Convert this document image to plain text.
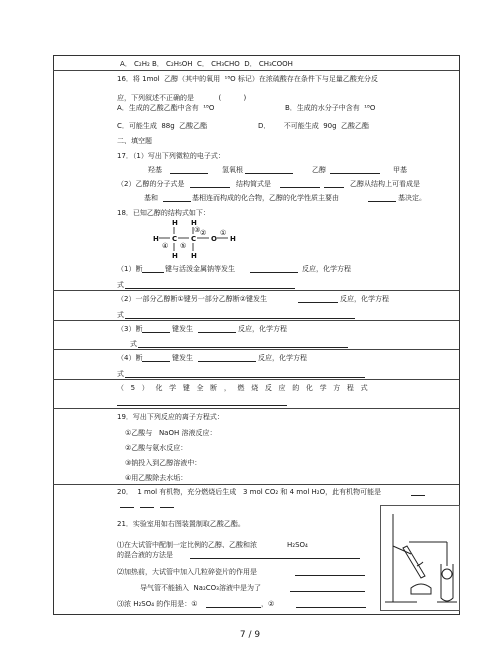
A． C₂H₂ B． C₂H₅OH  C． CH₃CHO  D． CH₃COOH
16．将 1mol  乙醇（其中的氧用  ¹⁸O 标记）在浓硫酸存在条件下与足量乙酸充分反
应，下列叙述不正确的是           (          )
A．生成的乙酸乙酯中含有  ¹⁸O	B．生成的水分子中含有  ¹⁸O
C．可能生成  88g  乙酸乙酯	D．      不可能生成  90g  乙酸乙酯
二、填空题
17．（1）写出下列微粒的电子式：
羟基	氢氧根	乙醇	甲基
（2）乙醇的分子式是	结构简式是	乙醇从结构上可看成是
基和	基相连而构成的化合物，乙醇的化学性质主要由	基决定。
18．已知乙醇的结构式如下：
H H
H C C O H
H H
①
②
③
④ ⑤
（1）断	键与活泼金属钠等发生	反应，化学方程
式
（2）一部分乙醇断①键另一部分乙醇断②键发生	反应，化学方程
式
（3）断	键发生	反应，化学方程
式
（4）断	键发生	反应，化学方程
式
（   5   ）   化   学   键   全   断   ，   燃   烧   反   应   的   化   学   方   程   式
19．写出下列反应的离子方程式：
①乙酸与   NaOH 溶液反应：
②乙酸与氨水反应：
③钠投入到乙醇溶液中：
④用乙酸除去水垢：
20．  1 mol 有机物，充分燃烧后生成   3 mol CO₂ 和 4 mol H₂O，此有机物可能是
21．实验室用如右图装置制取乙酸乙酯。
⑴在大试管中配制一定比例的乙醇、乙酸和浓	H₂SO₄
的混合液的方法是
⑵加热前，大试管中加入几粒碎瓷片的作用是
导气管不能插入  Na₂CO₃溶液中是为了
⑶浓 H₂SO₄ 的作用是：①	，②
7 / 9
